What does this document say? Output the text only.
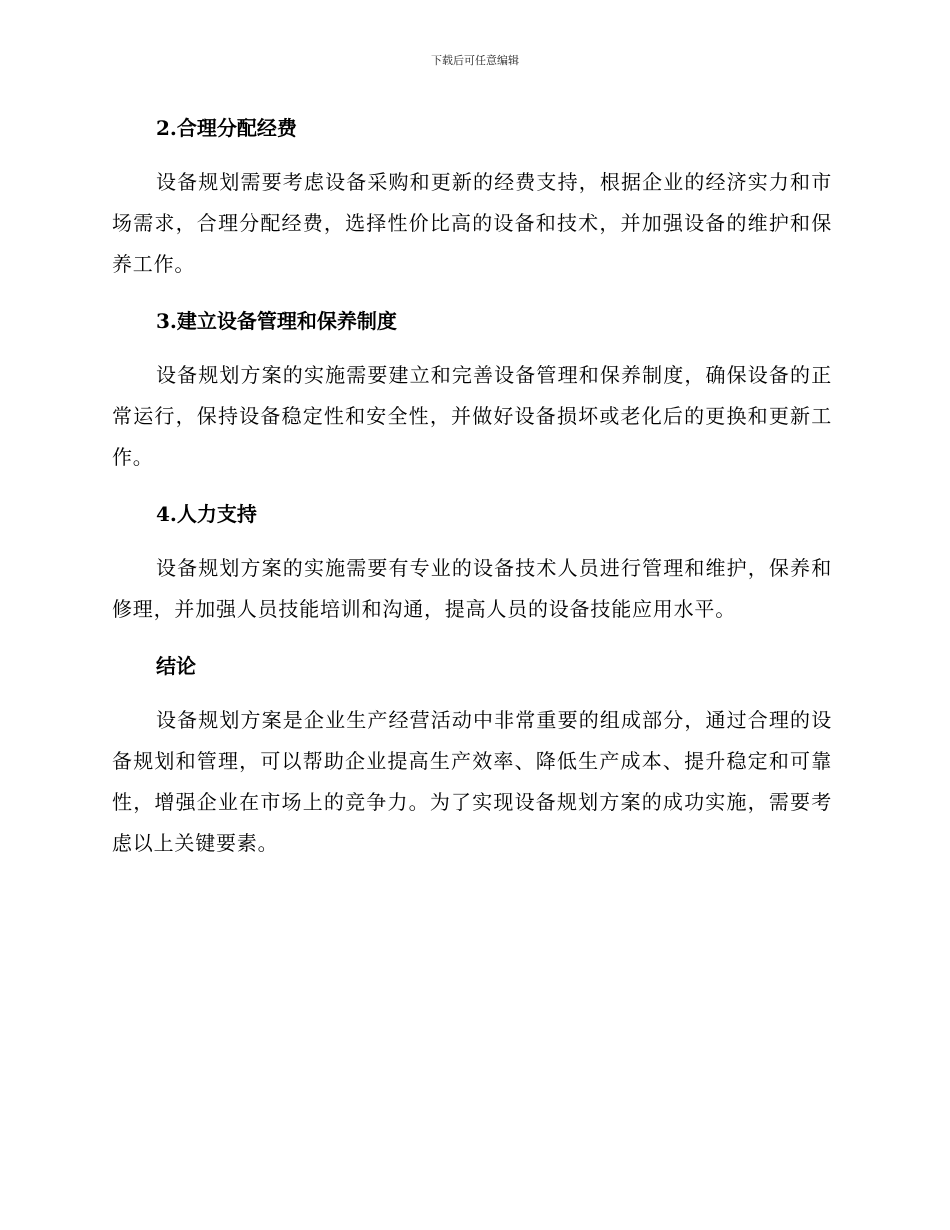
下载后可任意编辑
2.合理分配经费

设备规划需要考虑设备采购和更新的经费支持，根据企业的经济实力和市场需求，合理分配经费，选择性价比高的设备和技术，并加强设备的维护和保养工作。

3.建立设备管理和保养制度

设备规划方案的实施需要建立和完善设备管理和保养制度，确保设备的正常运行，保持设备稳定性和安全性，并做好设备损坏或老化后的更换和更新工作。

4.人力支持

设备规划方案的实施需要有专业的设备技术人员进行管理和维护，保养和修理，并加强人员技能培训和沟通，提高人员的设备技能应用水平。

结论

设备规划方案是企业生产经营活动中非常重要的组成部分，通过合理的设备规划和管理，可以帮助企业提高生产效率、降低生产成本、提升稳定和可靠性，增强企业在市场上的竞争力。为了实现设备规划方案的成功实施，需要考虑以上关键要素。
